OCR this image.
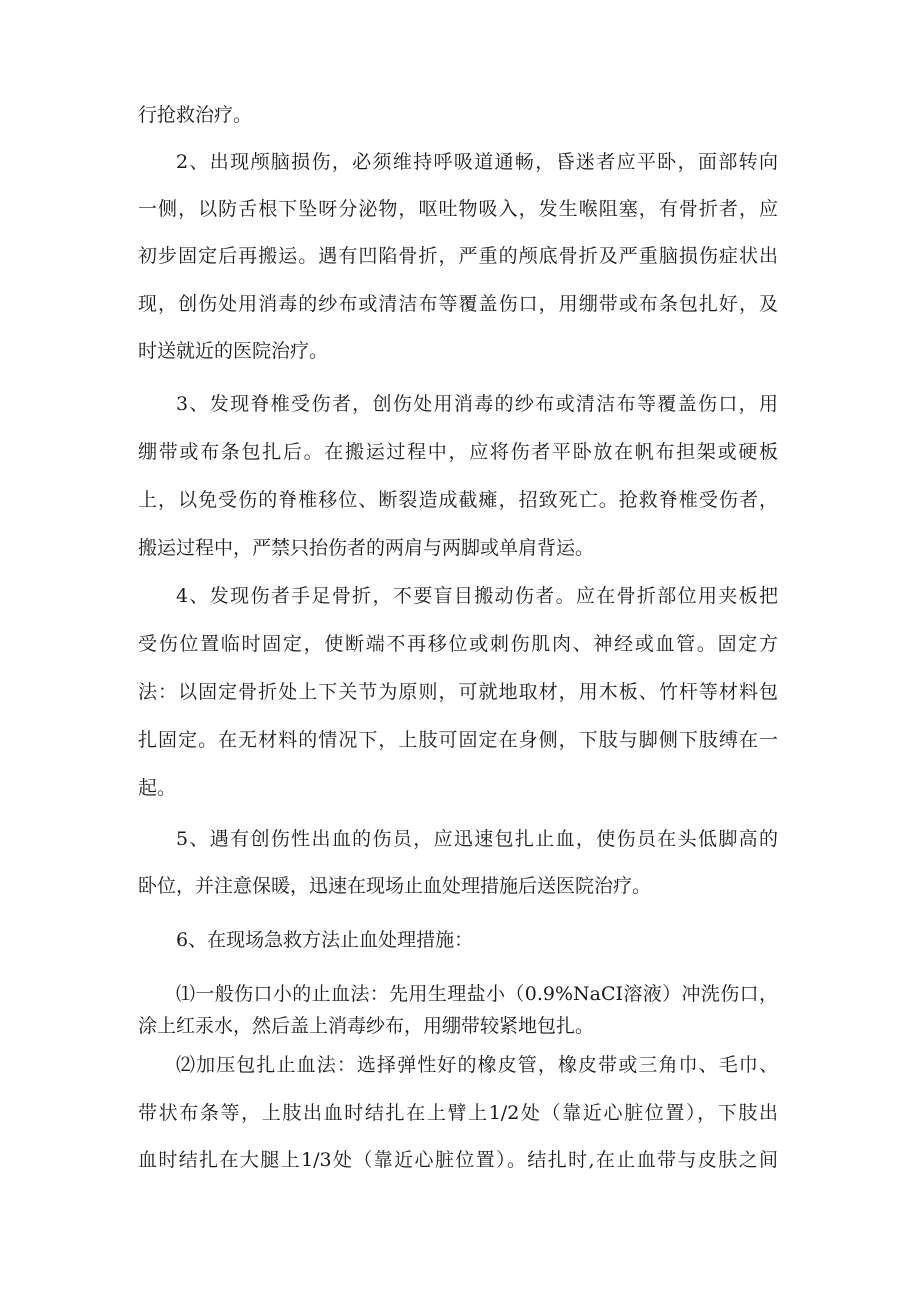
行抢救治疗。

2、出现颅脑损伤，必须维持呼吸道通畅，昏迷者应平卧，面部转向

一侧，以防舌根下坠呀分泌物，呕吐物吸入，发生喉阻塞，有骨折者，应

初步固定后再搬运。遇有凹陷骨折，严重的颅底骨折及严重脑损伤症状出

现，创伤处用消毒的纱布或清洁布等覆盖伤口，用绷带或布条包扎好，及

时送就近的医院治疗。

3、发现脊椎受伤者，创伤处用消毒的纱布或清洁布等覆盖伤口，用

绷带或布条包扎后。在搬运过程中，应将伤者平卧放在帆布担架或硬板

上，以免受伤的脊椎移位、断裂造成截瘫，招致死亡。抢救脊椎受伤者，

搬运过程中，严禁只抬伤者的两肩与两脚或单肩背运。

4、发现伤者手足骨折，不要盲目搬动伤者。应在骨折部位用夹板把

受伤位置临时固定，使断端不再移位或刺伤肌肉、神经或血管。固定方

法：以固定骨折处上下关节为原则，可就地取材，用木板、竹杆等材料包

扎固定。在无材料的情况下，上肢可固定在身侧，下肢与脚侧下肢缚在一

起。

5、遇有创伤性出血的伤员，应迅速包扎止血，使伤员在头低脚高的

卧位，并注意保暖，迅速在现场止血处理措施后送医院治疗。

6、在现场急救方法止血处理措施：

⑴一般伤口小的止血法：先用生理盐小（0.9%NaCI溶液）冲洗伤口，

涂上红汞水，然后盖上消毒纱布，用绷带较紧地包扎。

⑵加压包扎止血法：选择弹性好的橡皮管，橡皮带或三角巾、毛巾、

带状布条等，上肢出血时结扎在上臂上1/2处（靠近心脏位置），下肢出

血时结扎在大腿上1/3处（靠近心脏位置）。结扎时,在止血带与皮肤之间
